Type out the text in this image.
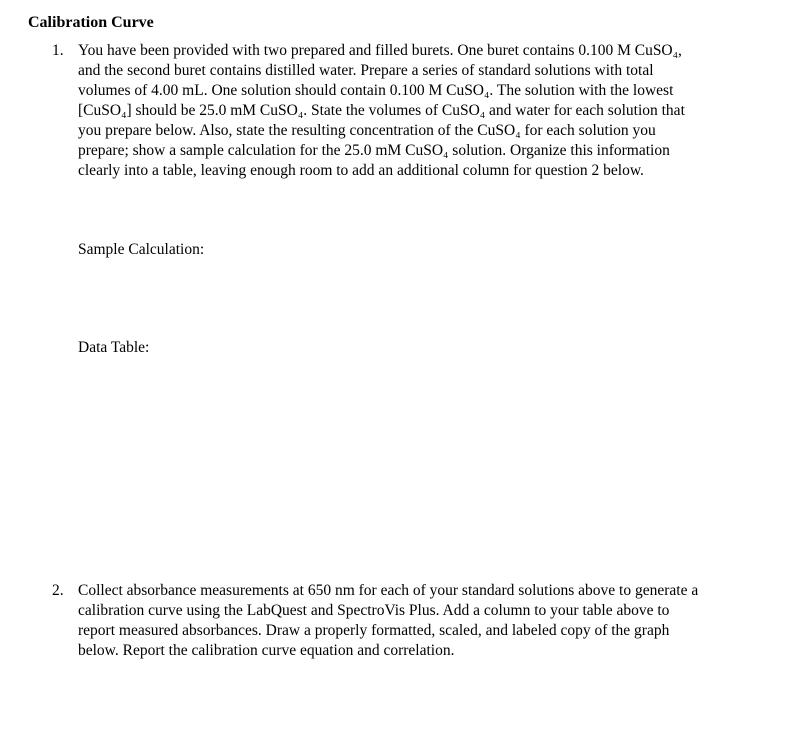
Calibration Curve
1. You have been provided with two prepared and filled burets. One buret contains 0.100 M CuSO₄,

and the second buret contains distilled water. Prepare a series of standard solutions with total

volumes of 4.00 mL. One solution should contain 0.100 M CuSO₄. The solution with the lowest

[CuSO₄] should be 25.0 mM CuSO₄. State the volumes of CuSO₄ and water for each solution that

you prepare below. Also, state the resulting concentration of the CuSO₄ for each solution you

prepare; show a sample calculation for the 25.0 mM CuSO₄ solution. Organize this information

clearly into a table, leaving enough room to add an additional column for question 2 below.

Sample Calculation:
Data Table:
2. Collect absorbance measurements at 650 nm for each of your standard solutions above to generate a

calibration curve using the LabQuest and SpectroVis Plus. Add a column to your table above to

report measured absorbances. Draw a properly formatted, scaled, and labeled copy of the graph

below. Report the calibration curve equation and correlation.
